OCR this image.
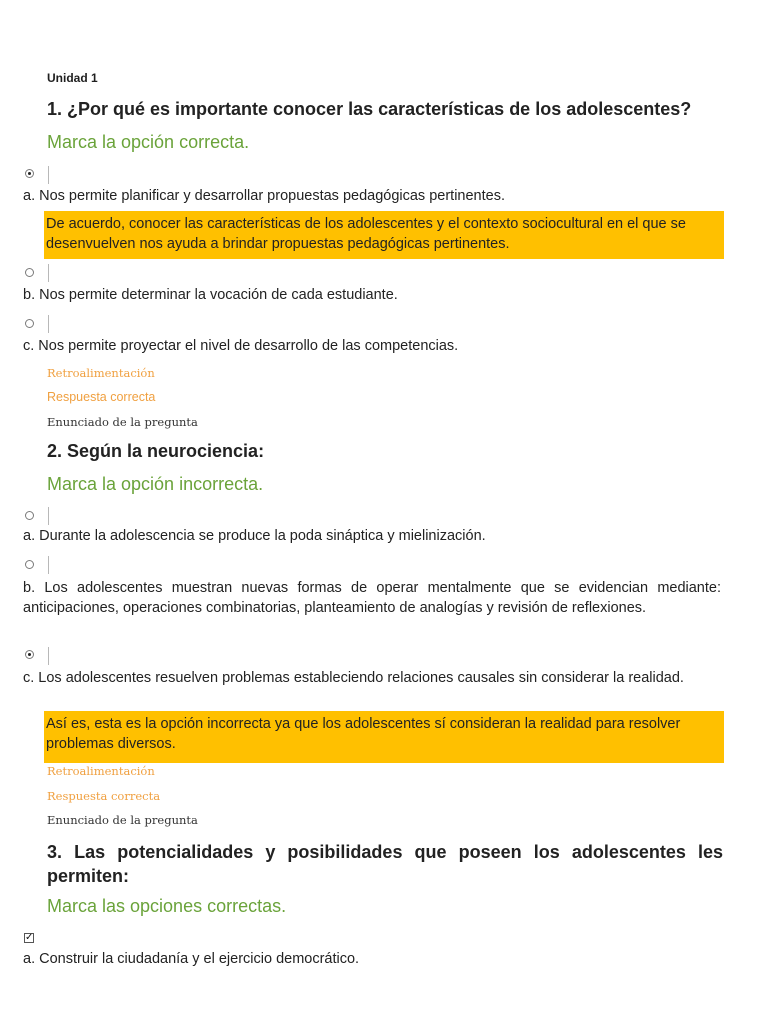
Unidad 1
1. ¿Por qué es importante conocer las características de los adolescentes?
Marca la opción correcta.
a. Nos permite planificar y desarrollar propuestas pedagógicas pertinentes.
De acuerdo, conocer las características de los adolescentes y el contexto sociocultural en el que se desenvuelven nos ayuda a brindar propuestas pedagógicas pertinentes.
b. Nos permite determinar la vocación de cada estudiante.
c. Nos permite proyectar el nivel de desarrollo de las competencias.
Retroalimentación
Respuesta correcta
Enunciado de la pregunta
2. Según la neurociencia:
Marca la opción incorrecta.
a. Durante la adolescencia se produce la poda sináptica y mielinización.
b. Los adolescentes muestran nuevas formas de operar mentalmente que se evidencian mediante: anticipaciones, operaciones combinatorias, planteamiento de analogías y revisión de reflexiones.
c. Los adolescentes resuelven problemas estableciendo relaciones causales sin considerar la realidad.
Así es, esta es la opción incorrecta ya que los adolescentes sí consideran la realidad para resolver problemas diversos.
Retroalimentación
Respuesta correcta
Enunciado de la pregunta
3. Las potencialidades y posibilidades que poseen los adolescentes les permiten:
Marca las opciones correctas.
✓
a. Construir la ciudadanía y el ejercicio democrático.
